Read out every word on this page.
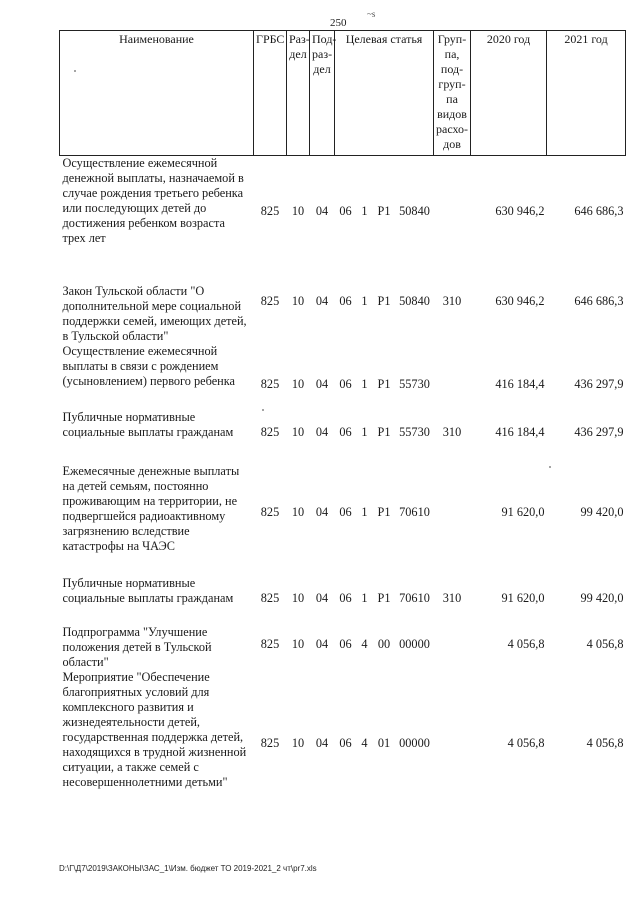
250
~s
Наименование	ГРБС	Раз-дел	Под-раз-дел	Целевая статья				Груп-па, под-груп-па видов расхо-дов	2020 год	2021 год
Осуществление ежемесячной денежной выплаты, назначаемой в случае рождения третьего ребенка или последующих детей до достижения ребенком возраста трех лет	825	10	04	06	1	Р1	50840		630 946,2	646 686,3
Закон Тульской области "О дополнительной мере социальной поддержки семей, имеющих детей, в Тульской области"	825	10	04	06	1	Р1	50840	310	630 946,2	646 686,3
Осуществление ежемесячной выплаты в связи с рождением (усыновлением) первого ребенка	825	10	04	06	1	Р1	55730		416 184,4	436 297,9
Публичные нормативные социальные выплаты гражданам	825	10	04	06	1	Р1	55730	310	416 184,4	436 297,9
Ежемесячные денежные выплаты на детей семьям, постоянно проживающим на территории, не подвергшейся радиоактивному загрязнению вследствие катастрофы на ЧАЭС	825	10	04	06	1	Р1	70610		91 620,0	99 420,0
Публичные нормативные социальные выплаты гражданам	825	10	04	06	1	Р1	70610	310	91 620,0	99 420,0
Подпрограмма "Улучшение положения детей в Тульской области"	825	10	04	06	4	00	00000		4 056,8	4 056,8
Мероприятие "Обеспечение благоприятных условий для комплексного развития и жизнедеятельности детей, государственная поддержка детей, находящихся в трудной жизненной ситуации, а также семей с несовершеннолетними детьми"	825	10	04	06	4	01	00000		4 056,8	4 056,8
D:\Г\Д7\2019\ЗАКОНЫ\ЗАС_1\Изм. бюджет ТО 2019-2021_2 чт\pr7.xls
